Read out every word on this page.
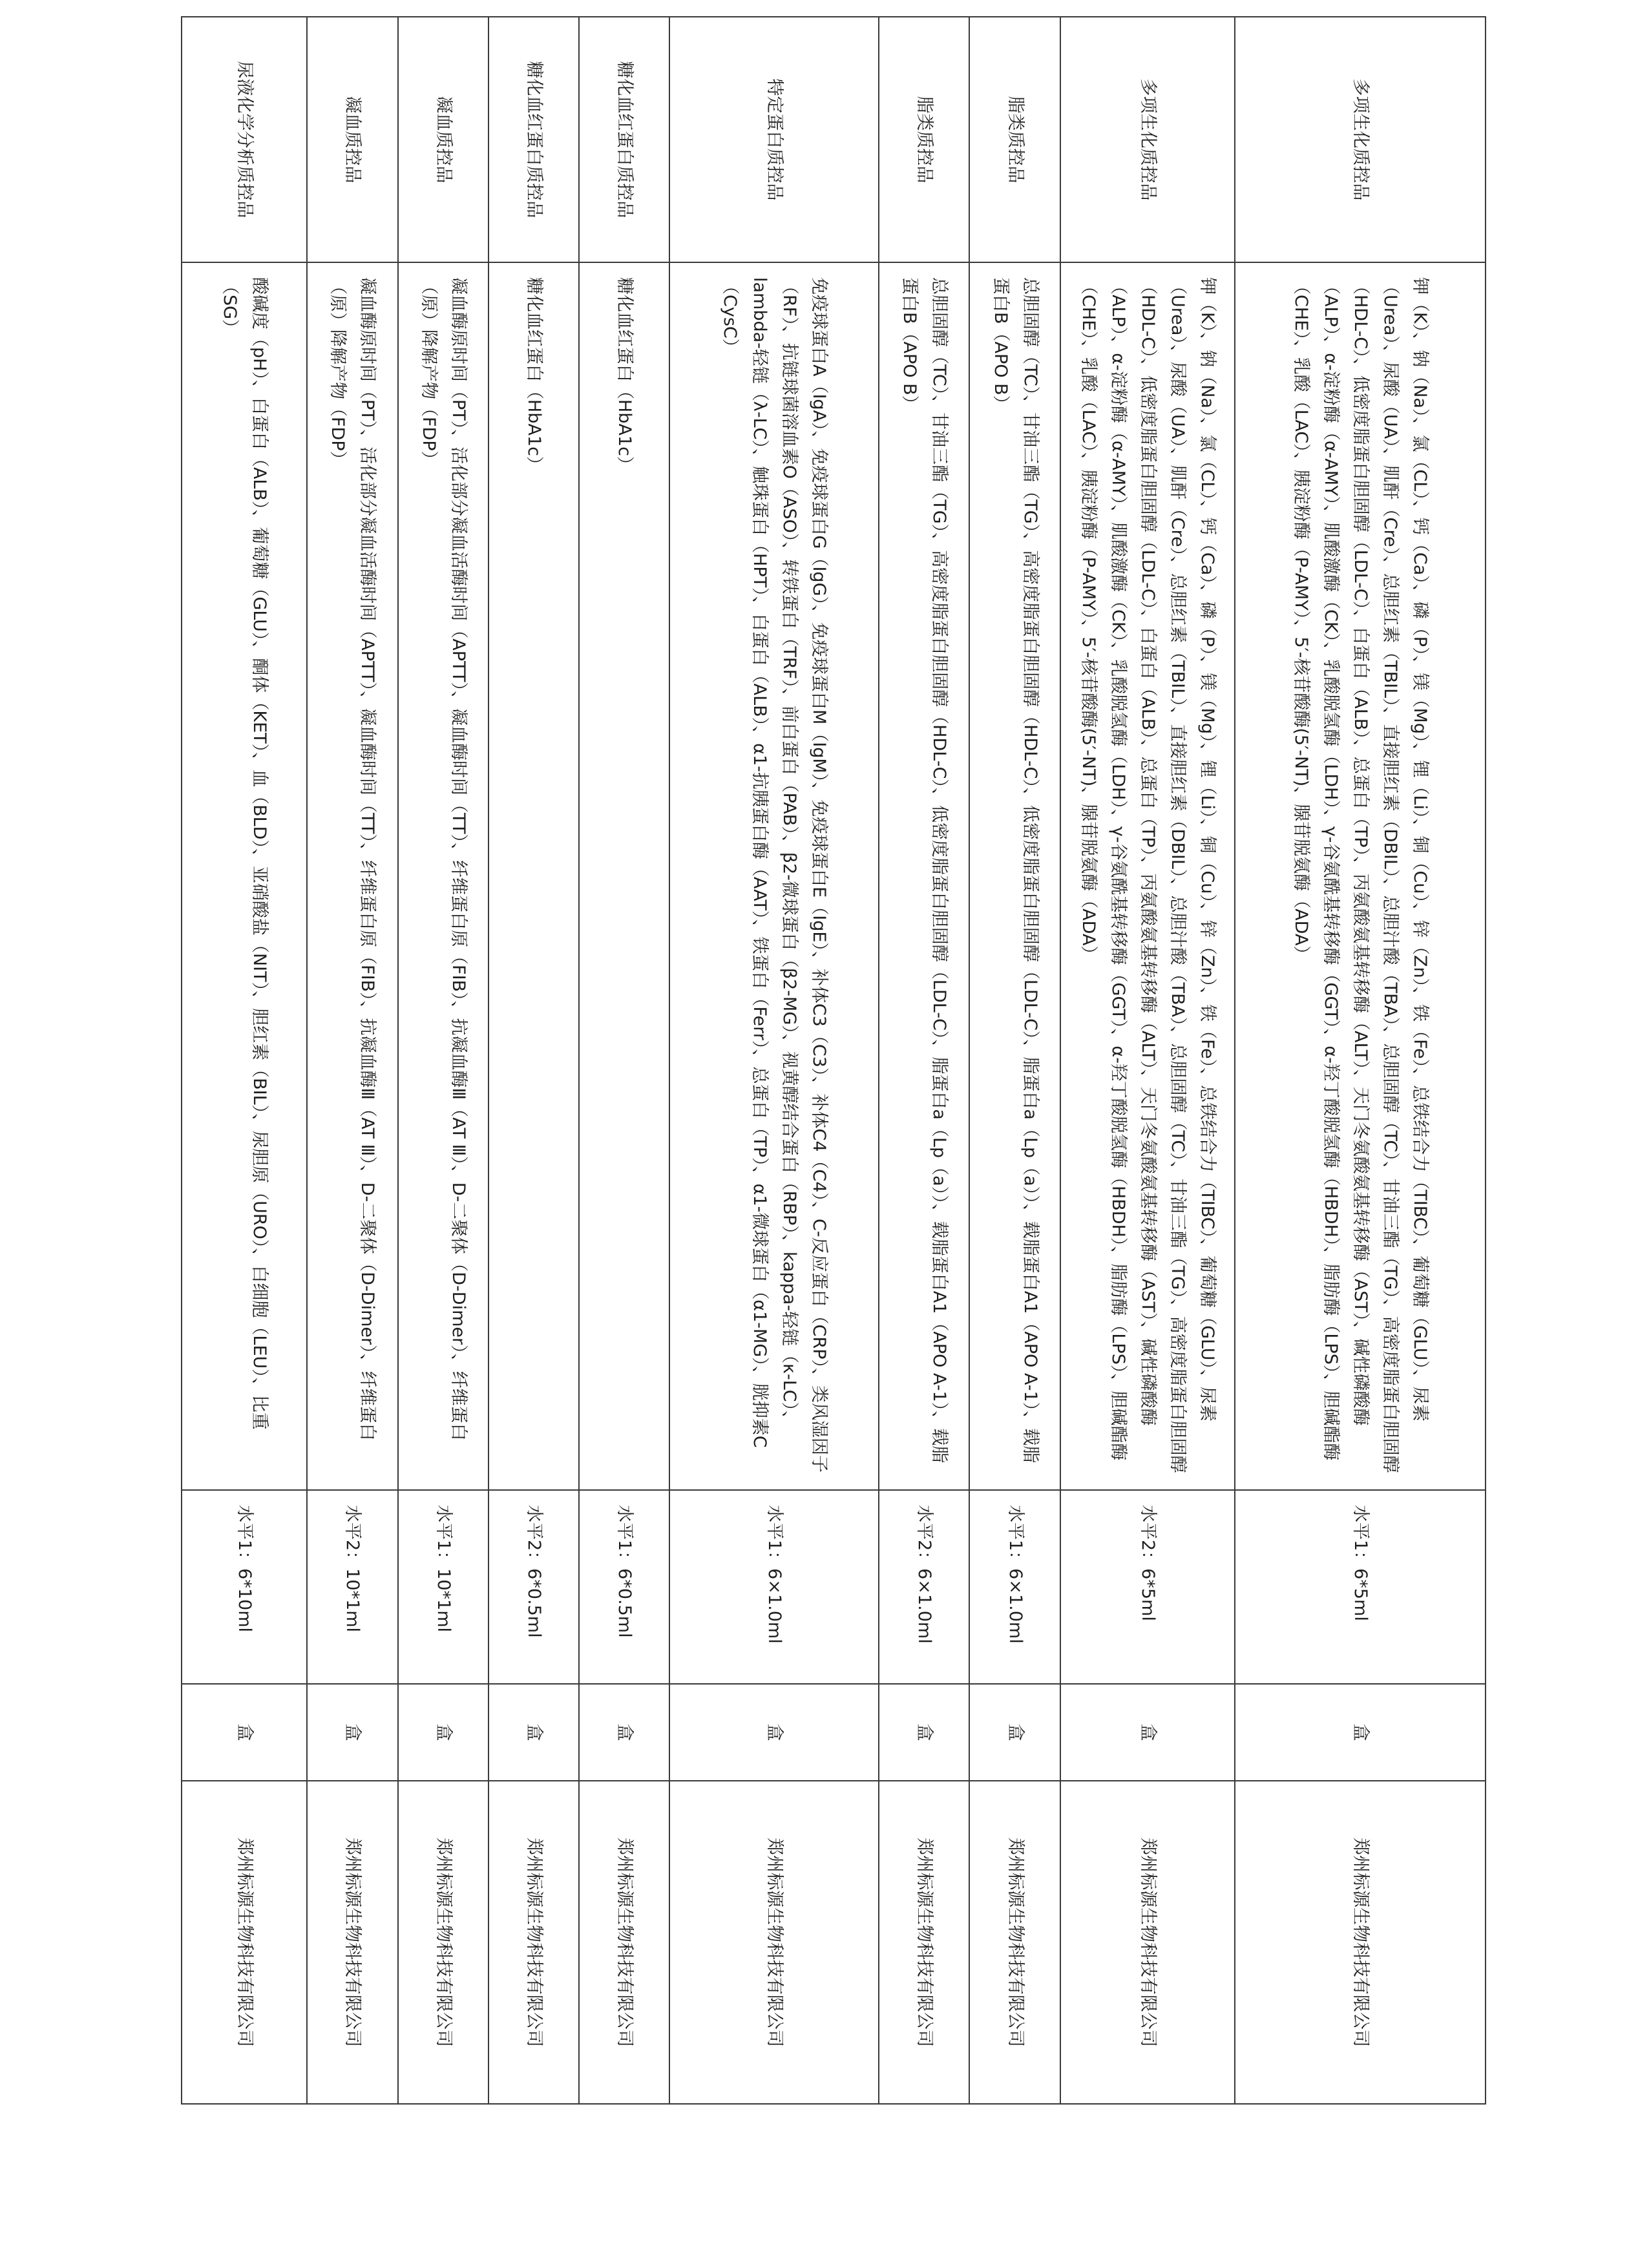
多项生化质控品	钾（K）、钠（Na）、氯（CL）、钙（Ca）、磷（P）、镁（Mg）、锂（Li）、铜（Cu）、锌（Zn）、铁（Fe）、总铁结合力（TIBC）、葡萄糖（GLU）、尿素（Urea）、尿酸（UA）、肌酐（Cre）、总胆红素（TBIL）、直接胆红素（DBIL）、总胆汁酸（TBA）、总胆固醇（TC）、甘油三酯（TG）、高密度脂蛋白胆固醇（HDL-C）、低密度脂蛋白胆固醇（LDL-C）、白蛋白（ALB）、总蛋白（TP）、丙氨酸氨基转移酶（ALT）、天门冬氨酸氨基转移酶（AST）、碱性磷酸酶（ALP）、α-淀粉酶（α-AMY）、肌酸激酶（CK）、乳酸脱氢酶（LDH）、γ-谷氨酰基转移酶（GGT）、α-羟丁酸脱氢酶（HBDH）、脂肪酶（LPS）、胆碱酯酶（CHE）、乳酸（LAC）、胰淀粉酶（P-AMY）、5′-核苷酸酶(5′-NT)、腺苷脱氨酶（ADA）	水平1：6*5ml	盒	郑州标源生物科技有限公司
多项生化质控品	钾（K）、钠（Na）、氯（CL）、钙（Ca）、磷（P）、镁（Mg）、锂（Li）、铜（Cu）、锌（Zn）、铁（Fe）、总铁结合力（TIBC）、葡萄糖（GLU）、尿素（Urea）、尿酸（UA）、肌酐（Cre）、总胆红素（TBIL）、直接胆红素（DBIL）、总胆汁酸（TBA）、总胆固醇（TC）、甘油三酯（TG）、高密度脂蛋白胆固醇（HDL-C）、低密度脂蛋白胆固醇（LDL-C）、白蛋白（ALB）、总蛋白（TP）、丙氨酸氨基转移酶（ALT）、天门冬氨酸氨基转移酶（AST）、碱性磷酸酶（ALP）、α-淀粉酶（α-AMY）、肌酸激酶（CK）、乳酸脱氢酶（LDH）、γ-谷氨酰基转移酶（GGT）、α-羟丁酸脱氢酶（HBDH）、脂肪酶（LPS）、胆碱酯酶（CHE）、乳酸（LAC）、胰淀粉酶（P-AMY）、5′-核苷酸酶(5′-NT)、腺苷脱氨酶（ADA）	水平2：6*5ml	盒	郑州标源生物科技有限公司
脂类质控品	总胆固醇（TC）、甘油三酯（TG）、高密度脂蛋白胆固醇（HDL-C）、低密度脂蛋白胆固醇（LDL-C）、脂蛋白a（Lp（a））、载脂蛋白A1（APO A-1）、载脂蛋白B（APO B）	水平1：6×1.0ml	盒	郑州标源生物科技有限公司
脂类质控品	总胆固醇（TC）、甘油三酯（TG）、高密度脂蛋白胆固醇（HDL-C）、低密度脂蛋白胆固醇（LDL-C）、脂蛋白a（Lp（a））、载脂蛋白A1（APO A-1）、载脂蛋白B（APO B）	水平2：6×1.0ml	盒	郑州标源生物科技有限公司
特定蛋白质控品	免疫球蛋白A（IgA）、免疫球蛋白G（IgG）、免疫球蛋白M（IgM）、免疫球蛋白E（IgE）、补体C3（C3）、补体C4（C4）、C-反应蛋白（CRP）、类风湿因子（RF）、抗链球菌溶血素O（ASO）、转铁蛋白（TRF）、前白蛋白（PAB）、β2-微球蛋白（β2-MG）、视黄醇结合蛋白（RBP）、kappa-轻链（κ-LC）、lambda-轻链（λ-LC）、触珠蛋白（HPT）、白蛋白（ALB）、α1-抗胰蛋白酶（AAT）、铁蛋白（Ferr）、总蛋白（TP）、α1-微球蛋白（α1-MG）、胱抑素C（CysC）	水平1：6×1.0ml	盒	郑州标源生物科技有限公司
糖化血红蛋白质控品	糖化血红蛋白（HbA1c）	水平1：6*0.5ml	盒	郑州标源生物科技有限公司
糖化血红蛋白质控品	糖化血红蛋白（HbA1c）	水平2：6*0.5ml	盒	郑州标源生物科技有限公司
凝血质控品	凝血酶原时间（PT）、活化部分凝血活酶时间（APTT）、凝血酶时间（TT）、纤维蛋白原（FIB）、抗凝血酶Ⅲ（AT Ⅲ）、D-二聚体（D-Dimer）、纤维蛋白（原）降解产物（FDP）	水平1：10*1ml	盒	郑州标源生物科技有限公司
凝血质控品	凝血酶原时间（PT）、活化部分凝血活酶时间（APTT）、凝血酶时间（TT）、纤维蛋白原（FIB）、抗凝血酶Ⅲ（AT Ⅲ）、D-二聚体（D-Dimer）、纤维蛋白（原）降解产物（FDP）	水平2：10*1ml	盒	郑州标源生物科技有限公司
尿液化学分析质控品	酸碱度（pH）、白蛋白（ALB）、葡萄糖（GLU）、酮体（KET）、血（BLD）、亚硝酸盐（NIT）、胆红素（BIL）、尿胆原（URO）、白细胞（LEU）、比重（SG）	水平1：6*10ml	盒	郑州标源生物科技有限公司
